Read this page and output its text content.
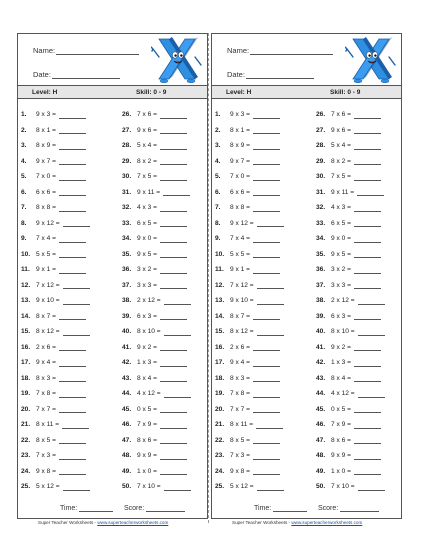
Name:
Date:
Level: H	Skill: 0 - 9
1.	9 x 3 =
2.	8 x 1 =
3.	8 x 9 =
4.	9 x 7 =
5.	7 x 0 =
6.	6 x 6 =
7.	8 x 8 =
8.	9 x 12 =
9.	7 x 4 =
10. 5 x 5 =
11. 9 x 1 =
12. 7 x 12 =
13. 9 x 10 =
14. 8 x 7 =
15. 8 x 12 =
16. 2 x 6 =
17. 9 x 4 =
18. 8 x 3 =
19. 7 x 8 =
20. 7 x 7 =
21. 8 x 11 =
22. 8 x 5 =
23. 7 x 3 =
24. 9 x 8 =
25. 5 x 12 =
26. 7 x 6 =
27. 9 x 6 =
28. 5 x 4 =
29. 8 x 2 =
30. 7 x 5 =
31. 9 x 11 =
32. 4 x 3 =
33. 6 x 5 =
34. 9 x 0 =
35. 9 x 5 =
36. 3 x 2 =
37. 3 x 3 =
38. 2 x 12 =
39. 6 x 3 =
40. 8 x 10 =
41. 9 x 2 =
42. 1 x 3 =
43. 8 x 4 =
44. 4 x 12 =
45. 0 x 5 =
46. 7 x 9 =
47. 8 x 6 =
48. 9 x 9 =
49. 1 x 0 =
50. 7 x 10 =
Time:	Score:
Name:
Date:
Level: H	Skill: 0 - 9
1.	9 x 3 =
2.	8 x 1 =
3.	8 x 9 =
4.	9 x 7 =
5.	7 x 0 =
6.	6 x 6 =
7.	8 x 8 =
8.	9 x 12 =
9.	7 x 4 =
10. 5 x 5 =
11. 9 x 1 =
12. 7 x 12 =
13. 9 x 10 =
14. 8 x 7 =
15. 8 x 12 =
16. 2 x 6 =
17. 9 x 4 =
18. 8 x 3 =
19. 7 x 8 =
20. 7 x 7 =
21. 8 x 11 =
22. 8 x 5 =
23. 7 x 3 =
24. 9 x 8 =
25. 5 x 12 =
26. 7 x 6 =
27. 9 x 6 =
28. 5 x 4 =
29. 8 x 2 =
30. 7 x 5 =
31. 9 x 11 =
32. 4 x 3 =
33. 6 x 5 =
34. 9 x 0 =
35. 9 x 5 =
36. 3 x 2 =
37. 3 x 3 =
38. 2 x 12 =
39. 6 x 3 =
40. 8 x 10 =
41. 9 x 2 =
42. 1 x 3 =
43. 8 x 4 =
44. 4 x 12 =
45. 0 x 5 =
46. 7 x 9 =
47. 8 x 6 =
48. 9 x 9 =
49. 1 x 0 =
50. 7 x 10 =
Time:	Score:
Super Teacher Worksheets - www.superteacherworksheets.com	Super Teacher Worksheets - www.superteacherworksheets.com
